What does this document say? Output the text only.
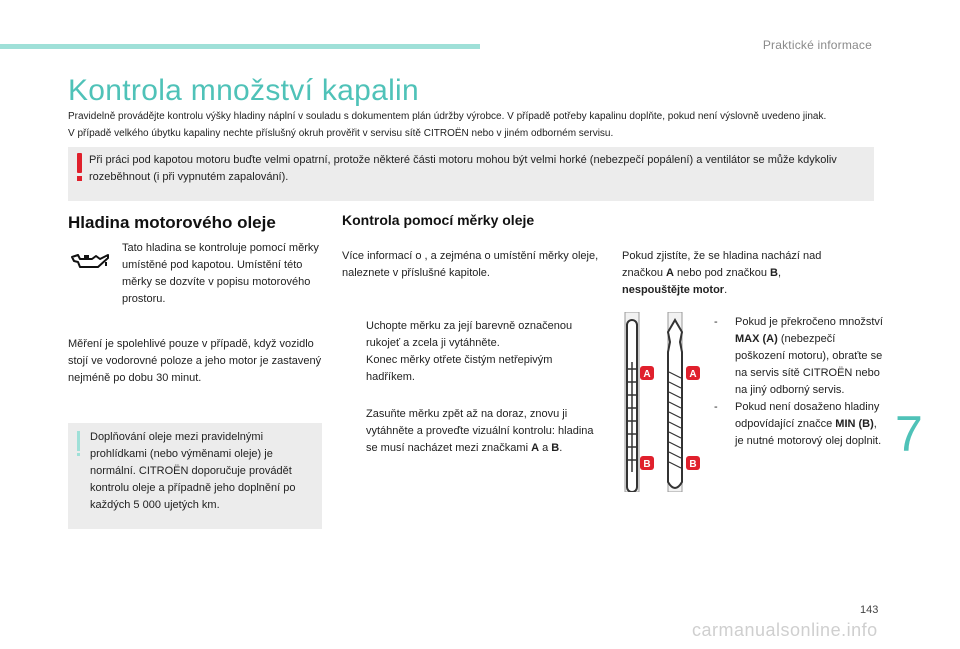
Praktické informace
Kontrola množství kapalin

Pravidelně provádějte kontrolu výšky hladiny náplní v souladu s dokumentem plán údržby výrobce. V případě potřeby kapalinu doplňte, pokud není výslovně uvedeno jinak.

V případě velkého úbytku kapaliny nechte příslušný okruh prověřit v servisu sítě CITROËN nebo v jiném odborném servisu.

Při práci pod kapotou motoru buďte velmi opatrní, protože některé části motoru mohou být velmi horké (nebezpečí popálení) a ventilátor se může kdykoliv rozeběhnout (i při vypnutém zapalování).
Hladina motorového oleje
Tato hladina se kontroluje pomocí měrky umístěné pod kapotou. Umístění této měrky se dozvíte v popisu motorového prostoru.
Měření je spolehlivé pouze v případě, když vozidlo stojí ve vodorovné poloze a jeho motor je zastavený nejméně po dobu 30 minut.
Doplňování oleje mezi pravidelnými prohlídkami (nebo výměnami oleje) je normální. CITROËN doporučuje provádět kontrolu oleje a případně jeho doplnění po každých 5 000 ujetých km.
Kontrola pomocí měrky oleje
Více informací o , a zejména o umístění měrky oleje, naleznete v příslušné kapitole.
Uchopte měrku za její barevně označenou rukojeť a zcela ji vytáhněte.
Konec měrky otřete čistým netřepivým hadříkem.
Zasuňte měrku zpět až na doraz, znovu ji vytáhněte a proveďte vizuální kontrolu: hladina se musí nacházet mezi značkami A a B.
Pokud zjistíte, že se hladina nachází nad značkou A nebo pod značkou B,
nespouštějte motor.
A	A
B	B
- Pokud je překročeno množství MAX (A) (nebezpečí poškození motoru), obraťte se na servis sítě CITROËN nebo na jiný odborný servis.
- Pokud není dosaženo hladiny odpovídající značce MIN (B), je nutné motorový olej doplnit. 7
143
carmanualsonline.info
